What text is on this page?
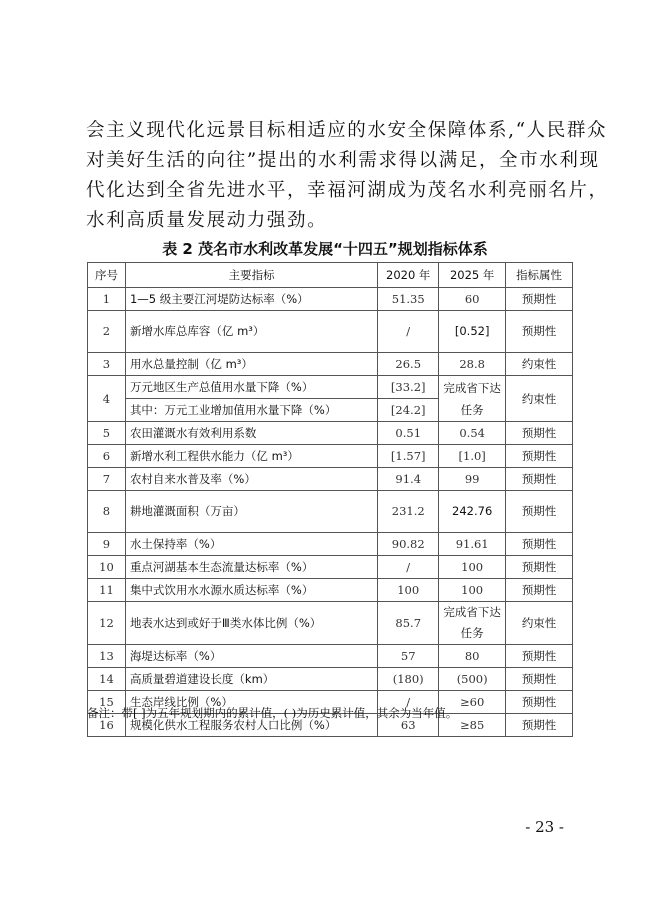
会主义现代化远景目标相适应的水安全保障体系,“人民群众
对美好生活的向往”提出的水利需求得以满足，全市水利现
代化达到全省先进水平，幸福河湖成为茂名水利亮丽名片，
水利高质量发展动力强劲。
表 2 茂名市水利改革发展“十四五”规划指标体系
序号	主要指标	2020 年	2025 年	指标属性
1	1—5 级主要江河堤防达标率（%）	51.35	60	预期性
2	新增水库总库容（亿 m³）	/	[0.52]	预期性
3	用水总量控制（亿 m³）	26.5	28.8	约束性
4	万元地区生产总值用水量下降（%）	[33.2]	完成省下达任务	约束性
	其中：万元工业增加值用水量下降（%）	[24.2]		
5	农田灌溉水有效利用系数	0.51	0.54	预期性
6	新增水利工程供水能力（亿 m³）	[1.57]	[1.0]	预期性
7	农村自来水普及率（%）	91.4	99	预期性
8	耕地灌溉面积（万亩）	231.2	242.76	预期性
9	水土保持率（%）	90.82	91.61	预期性
10	重点河湖基本生态流量达标率（%）	/	100	预期性
11	集中式饮用水水源水质达标率（%）	100	100	预期性
12	地表水达到或好于Ⅲ类水体比例（%）	85.7	完成省下达任务	约束性
13	海堤达标率（%）	57	80	预期性
14	高质量碧道建设长度（km）	(180)	(500)	预期性
15	生态岸线比例（%）	/	≥60	预期性
16	规模化供水工程服务农村人口比例（%）	63	≥85	预期性
备注：带[ ]为五年规划期内的累计值，( )为历史累计值，其余为当年值。
- 23 -
